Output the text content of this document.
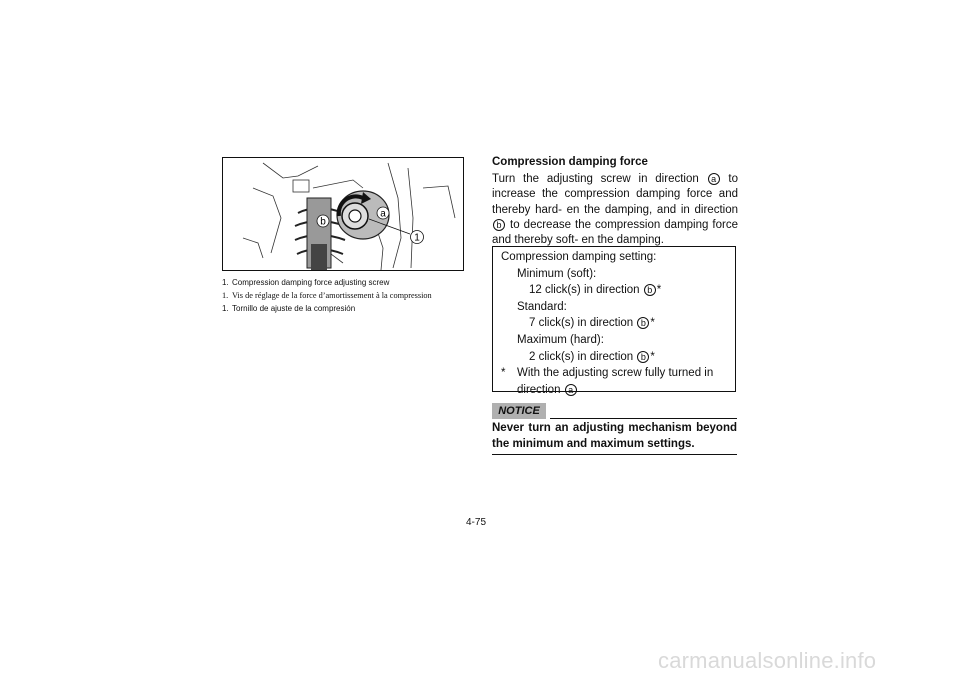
b
a
1
1. Compression damping force adjusting screw
1. Vis de réglage de la force d’amortissement à la compression
1. Tornillo de ajuste de la compresión
Compression damping force
Turn the adjusting screw in direction a to increase the compression damping force and thereby hard- en the damping, and in direction b to decrease the compression damping force and thereby soft- en the damping.
Compression damping setting:
Minimum (soft):
12 click(s) in direction b *
Standard:
7 click(s) in direction b *
Maximum (hard):
2 click(s) in direction b *
*	With the adjusting screw fully turned in direction a
NOTICE
Never turn an adjusting mechanism beyond the minimum and maximum settings.
4-75
carmanualsonline.info
